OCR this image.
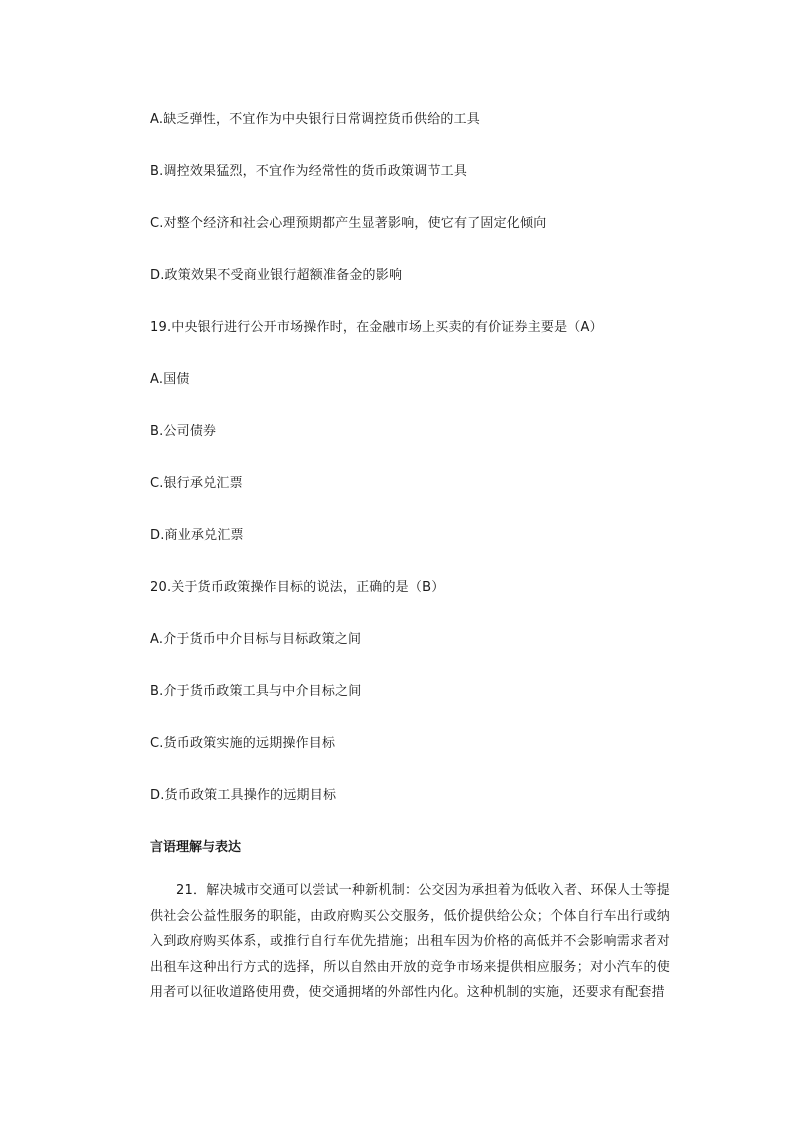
A.缺乏弹性，不宜作为中央银行日常调控货币供给的工具
B.调控效果猛烈，不宜作为经常性的货币政策调节工具
C.对整个经济和社会心理预期都产生显著影响，使它有了固定化倾向
D.政策效果不受商业银行超额准备金的影响
19.中央银行进行公开市场操作时，在金融市场上买卖的有价证券主要是（A）
A.国债
B.公司债券
C.银行承兑汇票
D.商业承兑汇票
20.关于货币政策操作目标的说法，正确的是（B）
A.介于货币中介目标与目标政策之间
B.介于货币政策工具与中介目标之间
C.货币政策实施的远期操作目标
D.货币政策工具操作的远期目标
言语理解与表达
21．解决城市交通可以尝试一种新机制：公交因为承担着为低收入者、环保人士等提供社会公益性服务的职能，由政府购买公交服务，低价提供给公众；个体自行车出行或纳入到政府购买体系，或推行自行车优先措施；出租车因为价格的高低并不会影响需求者对出租车这种出行方式的选择，所以自然由开放的竞争市场来提供相应服务；对小汽车的使用者可以征收道路使用费，使交通拥堵的外部性内化。这种机制的实施，还要求有配套措
